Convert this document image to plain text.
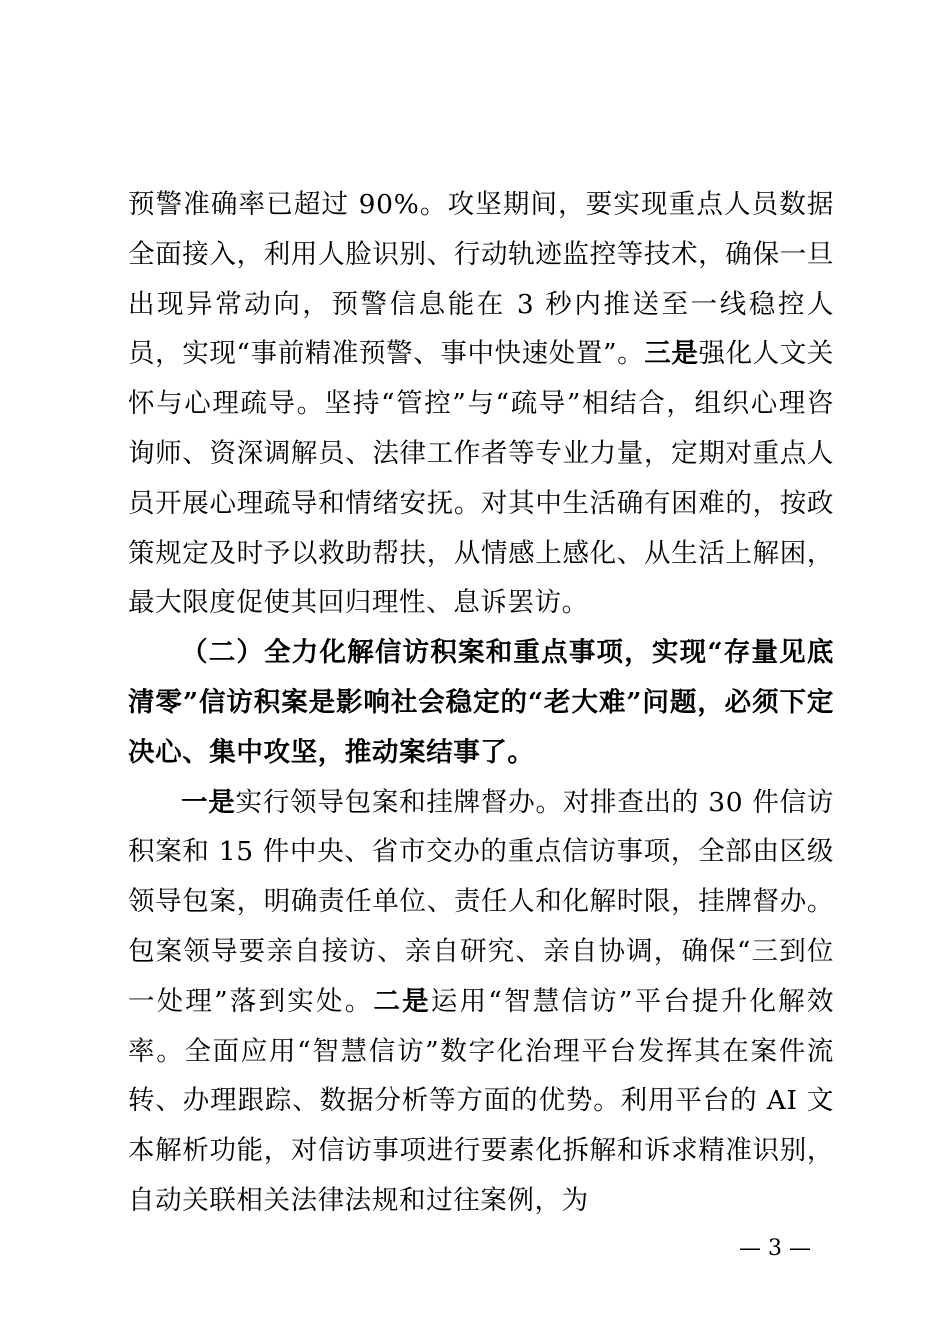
预警准确率已超过 90%。攻坚期间，要实现重点人员数据全面接入，利用人脸识别、行动轨迹监控等技术，确保一旦出现异常动向，预警信息能在 3 秒内推送至一线稳控人员，实现“事前精准预警、事中快速处置”。三是强化人文关怀与心理疏导。坚持“管控”与“疏导”相结合，组织心理咨询师、资深调解员、法律工作者等专业力量，定期对重点人员开展心理疏导和情绪安抚。对其中生活确有困难的，按政策规定及时予以救助帮扶，从情感上感化、从生活上解困，最大限度促使其回归理性、息诉罢访。

（二）全力化解信访积案和重点事项，实现“存量见底清零”信访积案是影响社会稳定的“老大难”问题，必须下定决心、集中攻坚，推动案结事了。

一是实行领导包案和挂牌督办。对排查出的 30 件信访积案和 15 件中央、省市交办的重点信访事项，全部由区级领导包案，明确责任单位、责任人和化解时限，挂牌督办。包案领导要亲自接访、亲自研究、亲自协调，确保“三到位一处理”落到实处。二是运用“智慧信访”平台提升化解效率。全面应用“智慧信访”数字化治理平台发挥其在案件流转、办理跟踪、数据分析等方面的优势。利用平台的 AI 文本解析功能，对信访事项进行要素化拆解和诉求精准识别，自动关联相关法律法规和过往案例，为

— 3 —
